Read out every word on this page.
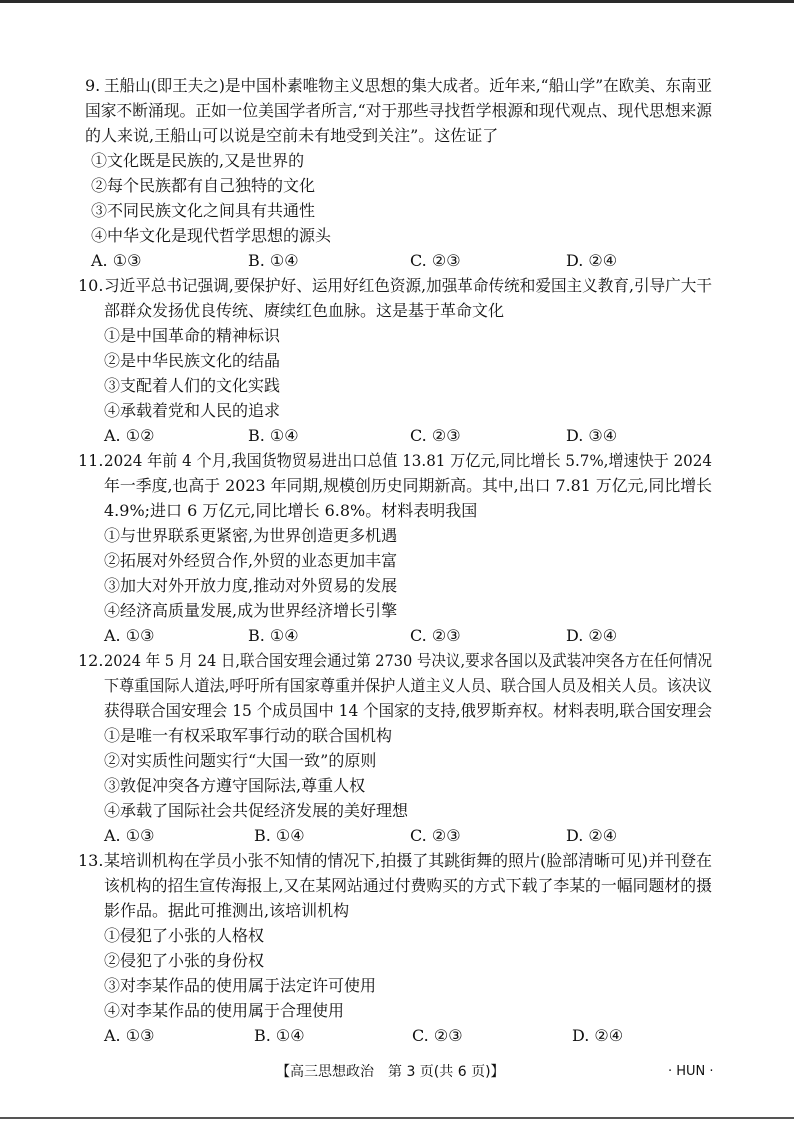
9. 王船山(即王夫之)是中国朴素唯物主义思想的集大成者。近年来,“船山学”在欧美、东南亚
国家不断涌现。正如一位美国学者所言,“对于那些寻找哲学根源和现代观点、现代思想来源
的人来说,王船山可以说是空前未有地受到关注”。这佐证了
①文化既是民族的,又是世界的
②每个民族都有自己独特的文化
③不同民族文化之间具有共通性
④中华文化是现代哲学思想的源头
A. ①③	B. ①④	C. ②③	D. ②④
10. 习近平总书记强调,要保护好、运用好红色资源,加强革命传统和爱国主义教育,引导广大干
部群众发扬优良传统、赓续红色血脉。这是基于革命文化
①是中国革命的精神标识
②是中华民族文化的结晶
③支配着人们的文化实践
④承载着党和人民的追求
A. ①②	B. ①④	C. ②③	D. ③④
11. 2024 年前 4 个月,我国货物贸易进出口总值 13.81 万亿元,同比增长 5.7%,增速快于 2024
年一季度,也高于 2023 年同期,规模创历史同期新高。其中,出口 7.81 万亿元,同比增长
4.9%;进口 6 万亿元,同比增长 6.8%。材料表明我国
①与世界联系更紧密,为世界创造更多机遇
②拓展对外经贸合作,外贸的业态更加丰富
③加大对外开放力度,推动对外贸易的发展
④经济高质量发展,成为世界经济增长引擎
A. ①③	B. ①④	C. ②③	D. ②④
12. 2024 年 5 月 24 日,联合国安理会通过第 2730 号决议,要求各国以及武装冲突各方在任何情况
下尊重国际人道法,呼吁所有国家尊重并保护人道主义人员、联合国人员及相关人员。该决议
获得联合国安理会 15 个成员国中 14 个国家的支持,俄罗斯弃权。材料表明,联合国安理会
①是唯一有权采取军事行动的联合国机构
②对实质性问题实行“大国一致”的原则
③敦促冲突各方遵守国际法,尊重人权
④承载了国际社会共促经济发展的美好理想
A. ①③	B. ①④	C. ②③	D. ②④
13. 某培训机构在学员小张不知情的情况下,拍摄了其跳街舞的照片(脸部清晰可见)并刊登在
该机构的招生宣传海报上,又在某网站通过付费购买的方式下载了李某的一幅同题材的摄
影作品。据此可推测出,该培训机构
①侵犯了小张的人格权
②侵犯了小张的身份权
③对李某作品的使用属于法定许可使用
④对李某作品的使用属于合理使用
A. ①③	B. ①④	C. ②③	D. ②④
【高三思想政治　第 3 页(共 6 页)】	· HUN ·
